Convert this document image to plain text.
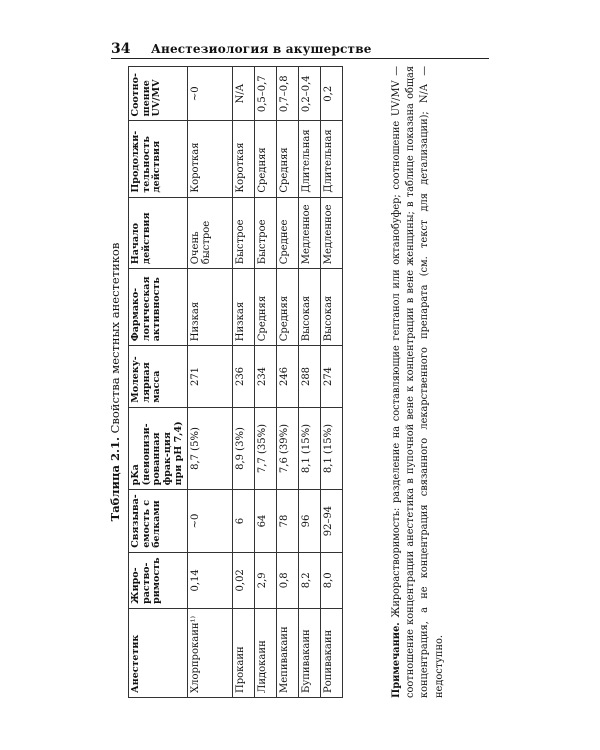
34 Анестезиология в акушерстве
Таблица 2.1. Свойства местных анестетиков
Анестетик	Жиро-раство-римость	Связыва-емость с белками	pKa (неионизи-рованная фрак-ция при pH 7,4)	Молеку-лярная масса	Фармако-логическая активность	Начало действия	Продолжи-тельность действия	Соотно-шение UV/MV
Хлорпрокаин¹⁾	0,14	~0	8,7 (5%)	271	Низкая	Очень быстрое	Короткая	~0
Прокаин	0,02	6	8,9 (3%)	236	Низкая	Быстрое	Короткая	N/A
Лидокаин	2,9	64	7,7 (35%)	234	Средняя	Быстрое	Средняя	0,5–0,7
Мепивакаин	0,8	78	7,6 (39%)	246	Средняя	Среднее	Средняя	0,7–0,8
Бупивакаин	8,2	96	8,1 (15%)	288	Высокая	Медленное	Длительная	0,2–0,4
Ропивакаин	8,0	92–94	8,1 (15%)	274	Высокая	Медленное	Длительная	0,2
Примечание. Жирорастворимость: разделение на составляющие гептанол или октанобуфер; соотношение UV/MV — соотношение концентрации анестетика в пупочной вене к концентрации в вене женщины; в таблице показана общая концентрация, а не концентрация связанного лекарственного препарата (см. текст для детализации); N/A — недоступно.
